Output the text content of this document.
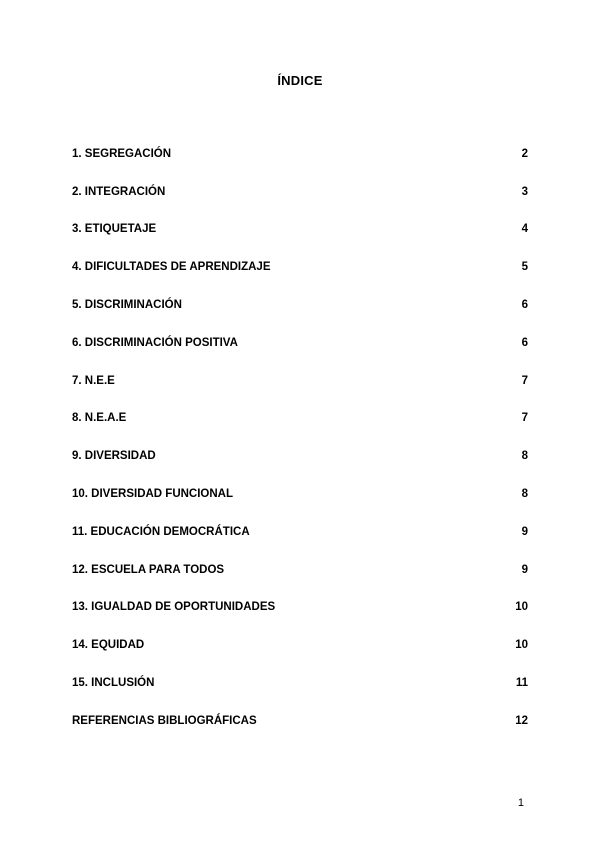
ÍNDICE
1. SEGREGACIÓN	2
2. INTEGRACIÓN	3
3. ETIQUETAJE	4
4. DIFICULTADES DE APRENDIZAJE	5
5. DISCRIMINACIÓN	6
6. DISCRIMINACIÓN POSITIVA	6
7. N.E.E	7
8. N.E.A.E	7
9. DIVERSIDAD	8
10. DIVERSIDAD FUNCIONAL	8
11. EDUCACIÓN DEMOCRÁTICA	9
12. ESCUELA PARA TODOS	9
13. IGUALDAD DE OPORTUNIDADES	10
14. EQUIDAD	10
15. INCLUSIÓN	11
REFERENCIAS BIBLIOGRÁFICAS	12
1
